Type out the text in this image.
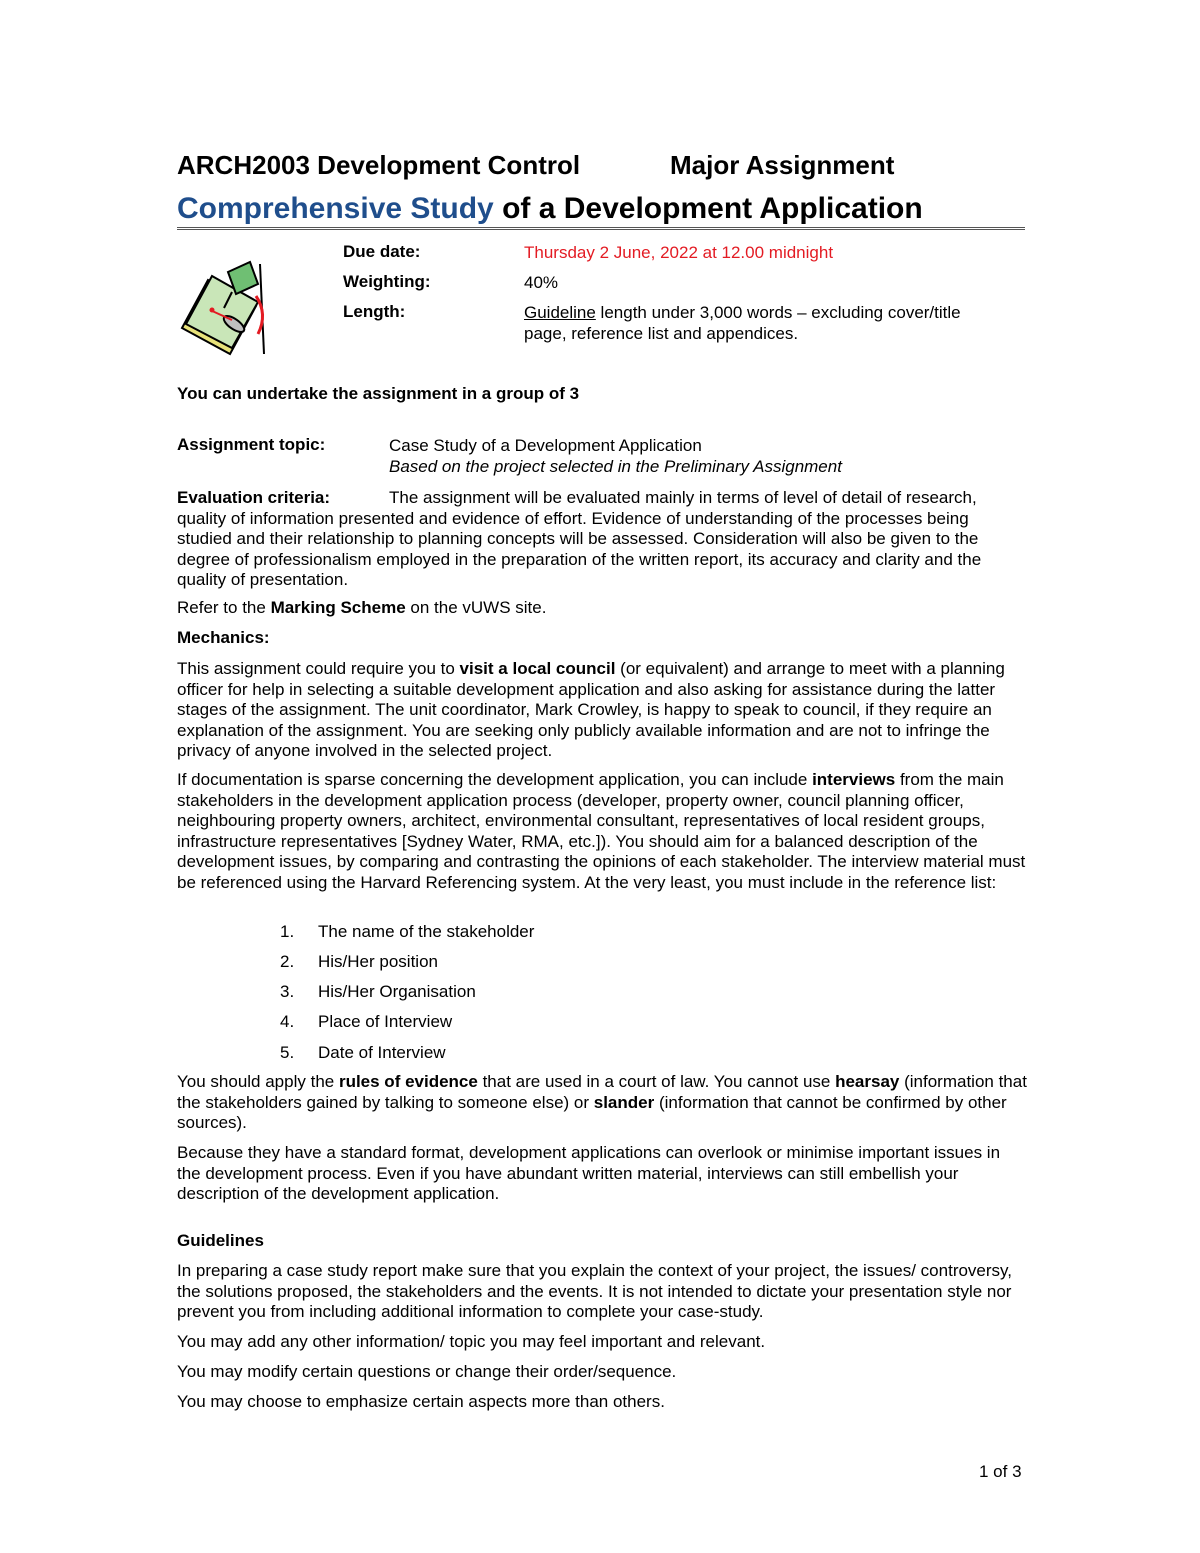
ARCH2003 Development Control	Major Assignment
Comprehensive Study of a Development Application
Due date:	Thursday 2 June, 2022 at 12.00 midnight
Weighting:	40%
Length:	Guideline length under 3,000 words – excluding cover/title
page, reference list and appendices.
You can undertake the assignment in a group of 3
Assignment topic:	Case Study of a Development Application
Based on the project selected in the Preliminary Assignment

Evaluation criteria:	The assignment will be evaluated mainly in terms of level of detail of research, quality of information presented and evidence of effort. Evidence of understanding of the processes being studied and their relationship to planning concepts will be assessed. Consideration will also be given to the degree of professionalism employed in the preparation of the written report, its accuracy and clarity and the quality of presentation.

Refer to the Marking Scheme on the vUWS site.

Mechanics:

This assignment could require you to visit a local council (or equivalent) and arrange to meet with a planning officer for help in selecting a suitable development application and also asking for assistance during the latter stages of the assignment. The unit coordinator, Mark Crowley, is happy to speak to council, if they require an explanation of the assignment. You are seeking only publicly available information and are not to infringe the privacy of anyone involved in the selected project.

If documentation is sparse concerning the development application, you can include interviews from the main stakeholders in the development application process (developer, property owner, council planning officer, neighbouring property owners, architect, environmental consultant, representatives of local resident groups, infrastructure representatives [Sydney Water, RMA, etc.]). You should aim for a balanced description of the development issues, by comparing and contrasting the opinions of each stakeholder. The interview material must be referenced using the Harvard Referencing system. At the very least, you must include in the reference list:

1. The name of the stakeholder
2. His/Her position
3. His/Her Organisation
4. Place of Interview
5. Date of Interview

You should apply the rules of evidence that are used in a court of law. You cannot use hearsay (information that the stakeholders gained by talking to someone else) or slander (information that cannot be confirmed by other sources).

Because they have a standard format, development applications can overlook or minimise important issues in the development process. Even if you have abundant written material, interviews can still embellish your description of the development application.

Guidelines

In preparing a case study report make sure that you explain the context of your project, the issues/ controversy, the solutions proposed, the stakeholders and the events. It is not intended to dictate your presentation style nor prevent you from including additional information to complete your case-study.

You may add any other information/ topic you may feel important and relevant.

You may modify certain questions or change their order/sequence.

You may choose to emphasize certain aspects more than others.

1 of 3
